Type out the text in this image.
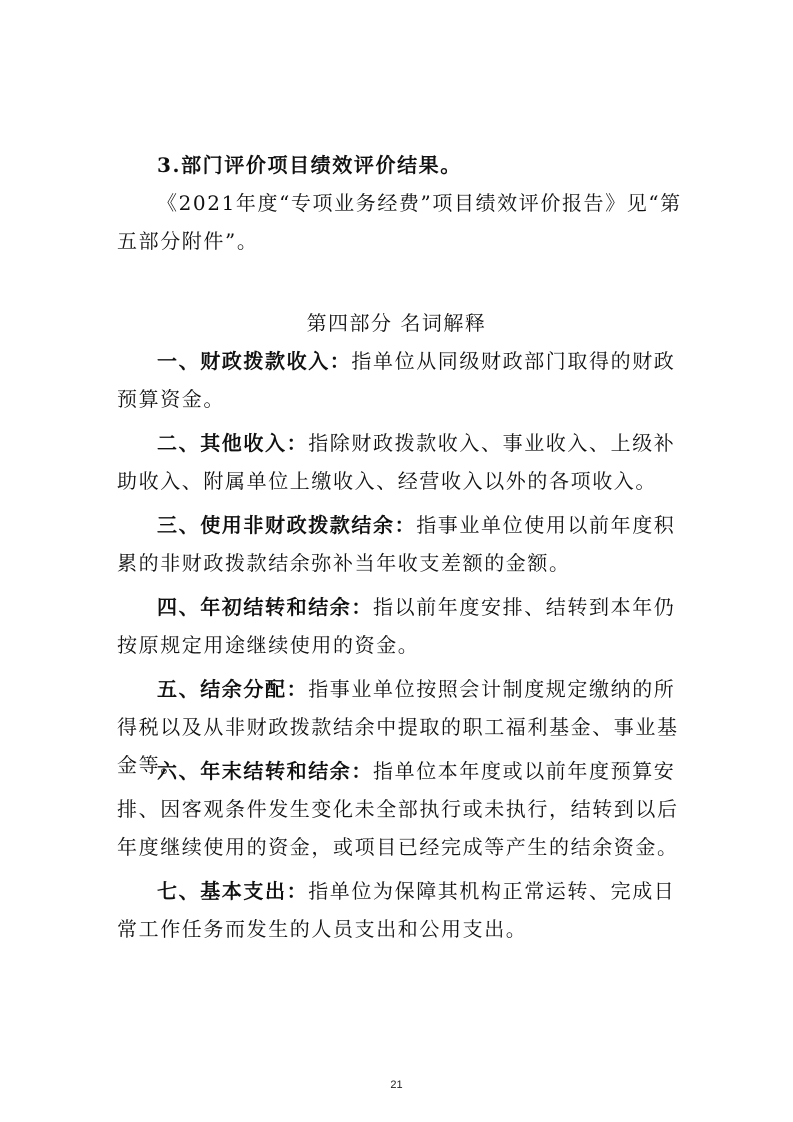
3.部门评价项目绩效评价结果。

《2021年度“专项业务经费”项目绩效评价报告》见“第五部分附件”。

第四部分 名词解释

一、财政拨款收入：指单位从同级财政部门取得的财政预算资金。

二、其他收入：指除财政拨款收入、事业收入、上级补助收入、附属单位上缴收入、经营收入以外的各项收入。

三、使用非财政拨款结余：指事业单位使用以前年度积累的非财政拨款结余弥补当年收支差额的金额。

四、年初结转和结余：指以前年度安排、结转到本年仍按原规定用途继续使用的资金。

五、结余分配：指事业单位按照会计制度规定缴纳的所得税以及从非财政拨款结余中提取的职工福利基金、事业基金等。

六、年末结转和结余：指单位本年度或以前年度预算安排、因客观条件发生变化未全部执行或未执行，结转到以后年度继续使用的资金，或项目已经完成等产生的结余资金。

七、基本支出：指单位为保障其机构正常运转、完成日常工作任务而发生的人员支出和公用支出。

21
